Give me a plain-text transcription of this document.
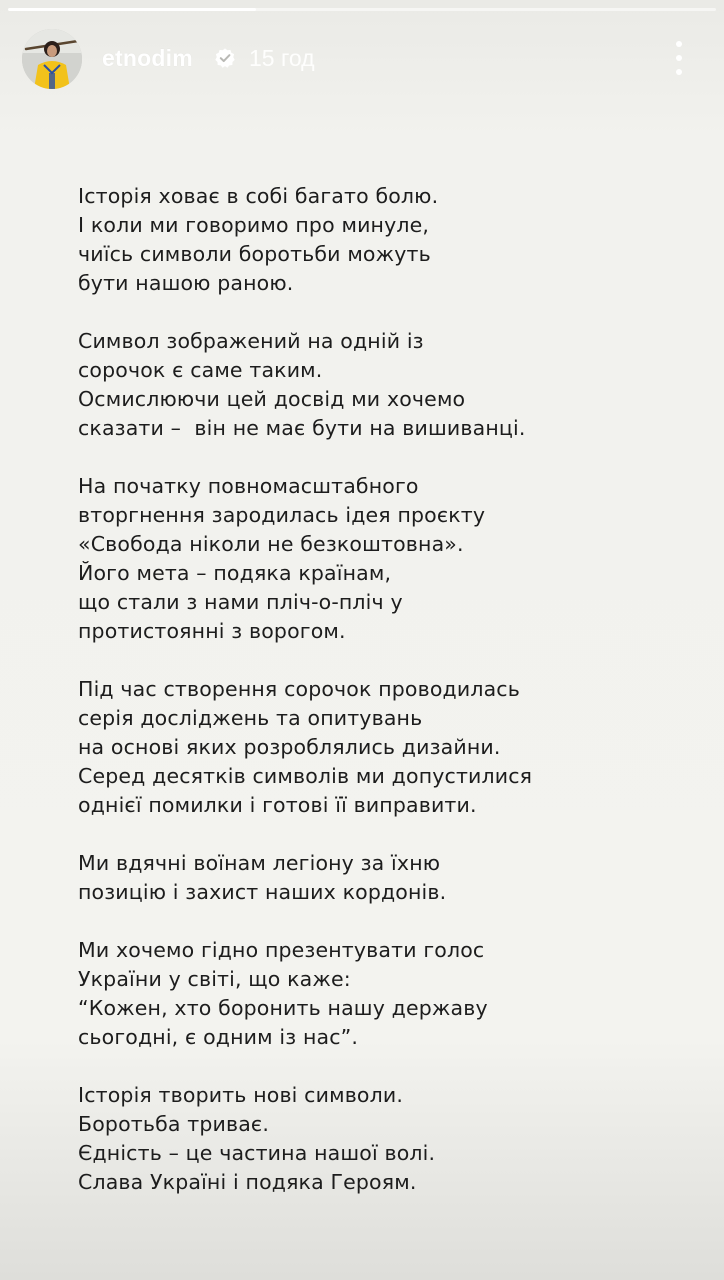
etnodim 15 год
Історія ховає в собі багато болю.
І коли ми говоримо про минуле,
чиїсь символи боротьби можуть
бути нашою раною.
Символ зображений на одній із
сорочок є саме таким.
Осмислюючи цей досвід ми хочемо
сказати –  він не має бути на вишиванці.
На початку повномасштабного
вторгнення зародилась ідея проєкту
«Свобода ніколи не безкоштовна».
Його мета – подяка країнам,
що стали з нами пліч-о-пліч у
протистоянні з ворогом.
Під час створення сорочок проводилась
серія досліджень та опитувань
на основі яких розроблялись дизайни.
Серед десятків символів ми допустилися
однієї помилки і готові її виправити.
Ми вдячні воїнам легіону за їхню
позицію і захист наших кордонів.
Ми хочемо гідно презентувати голос
України у світі, що каже:
“Кожен, хто боронить нашу державу
сьогодні, є одним із нас”.
Історія творить нові символи.
Боротьба триває.
Єдність – це частина нашої волі.
Слава Україні і подяка Героям.
